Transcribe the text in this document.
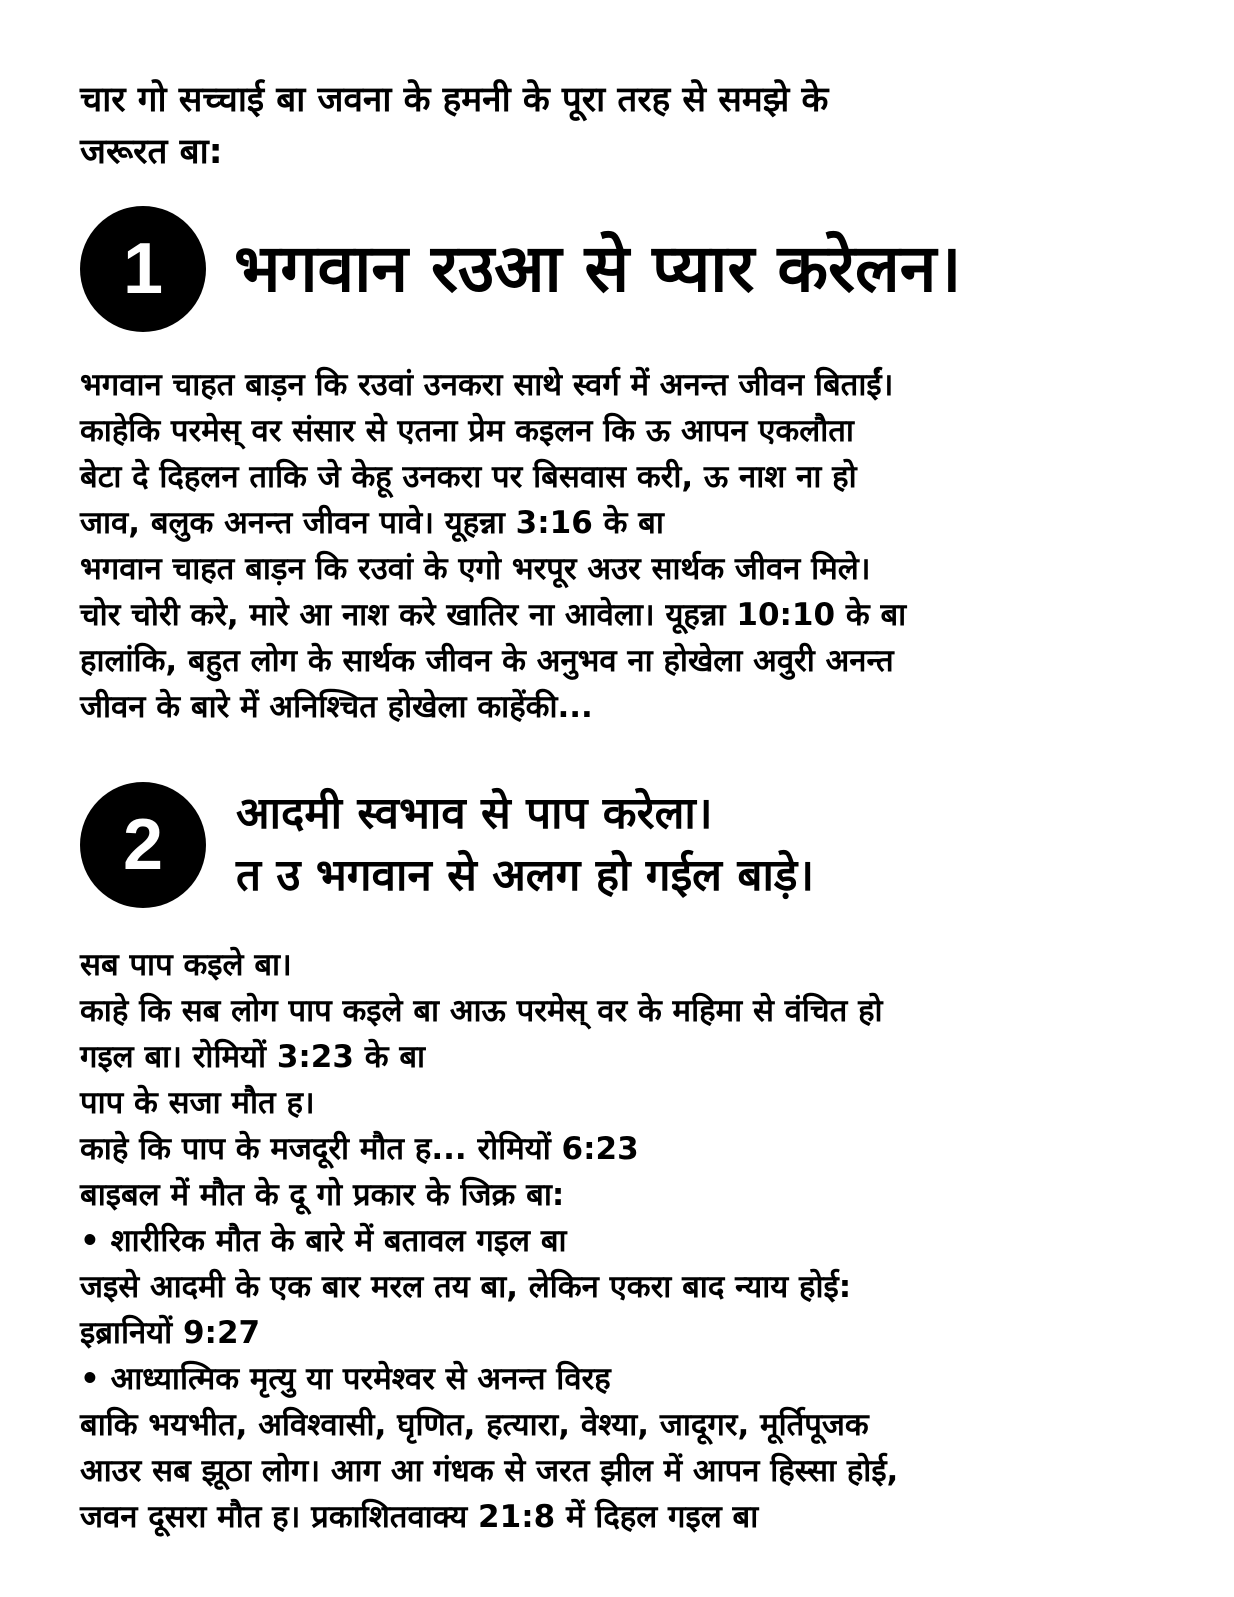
चार गो सच्चाई बा जवना के हमनी के पूरा तरह से समझे के
जरूरत बा:
1	भगवान रउआ से प्यार करेलन।
भगवान चाहत बाड़न कि रउवां उनकरा साथे स्वर्ग में अनन्त जीवन बिताईं।
काहेकि परमेस् वर संसार से एतना प्रेम कइलन कि ऊ आपन एकलौता
बेटा दे दिहलन ताकि जे केहू उनकरा पर बिसवास करी, ऊ नाश ना हो
जाव, बलुक अनन्त जीवन पावे। यूहन्ना 3:16 के बा
भगवान चाहत बाड़न कि रउवां के एगो भरपूर अउर सार्थक जीवन मिले।
चोर चोरी करे, मारे आ नाश करे खातिर ना आवेला। यूहन्ना 10:10 के बा
हालांकि, बहुत लोग के सार्थक जीवन के अनुभव ना होखेला अवुरी अनन्त
जीवन के बारे में अनिश्चित होखेला काहेंकी...
2	आदमी स्वभाव से पाप करेला।
त उ भगवान से अलग हो गईल बाड़े।
सब पाप कइले बा।
काहे कि सब लोग पाप कइले बा आऊ परमेस् वर के महिमा से वंचित हो
गइल बा। रोमियों 3:23 के बा
पाप के सजा मौत ह।
काहे कि पाप के मजदूरी मौत ह... रोमियों 6:23
बाइबल में मौत के दू गो प्रकार के जिक्र बा:
• शारीरिक मौत के बारे में बतावल गइल बा
जइसे आदमी के एक बार मरल तय बा, लेकिन एकरा बाद न्याय होई:
इब्रानियों 9:27
• आध्यात्मिक मृत्यु या परमेश्वर से अनन्त विरह
बाकि भयभीत, अविश्वासी, घृणित, हत्यारा, वेश्या, जादूगर, मूर्तिपूजक
आउर सब झूठा लोग। आग आ गंधक से जरत झील में आपन हिस्सा होई,
जवन दूसरा मौत ह। प्रकाशितवाक्य 21:8 में दिहल गइल बा
